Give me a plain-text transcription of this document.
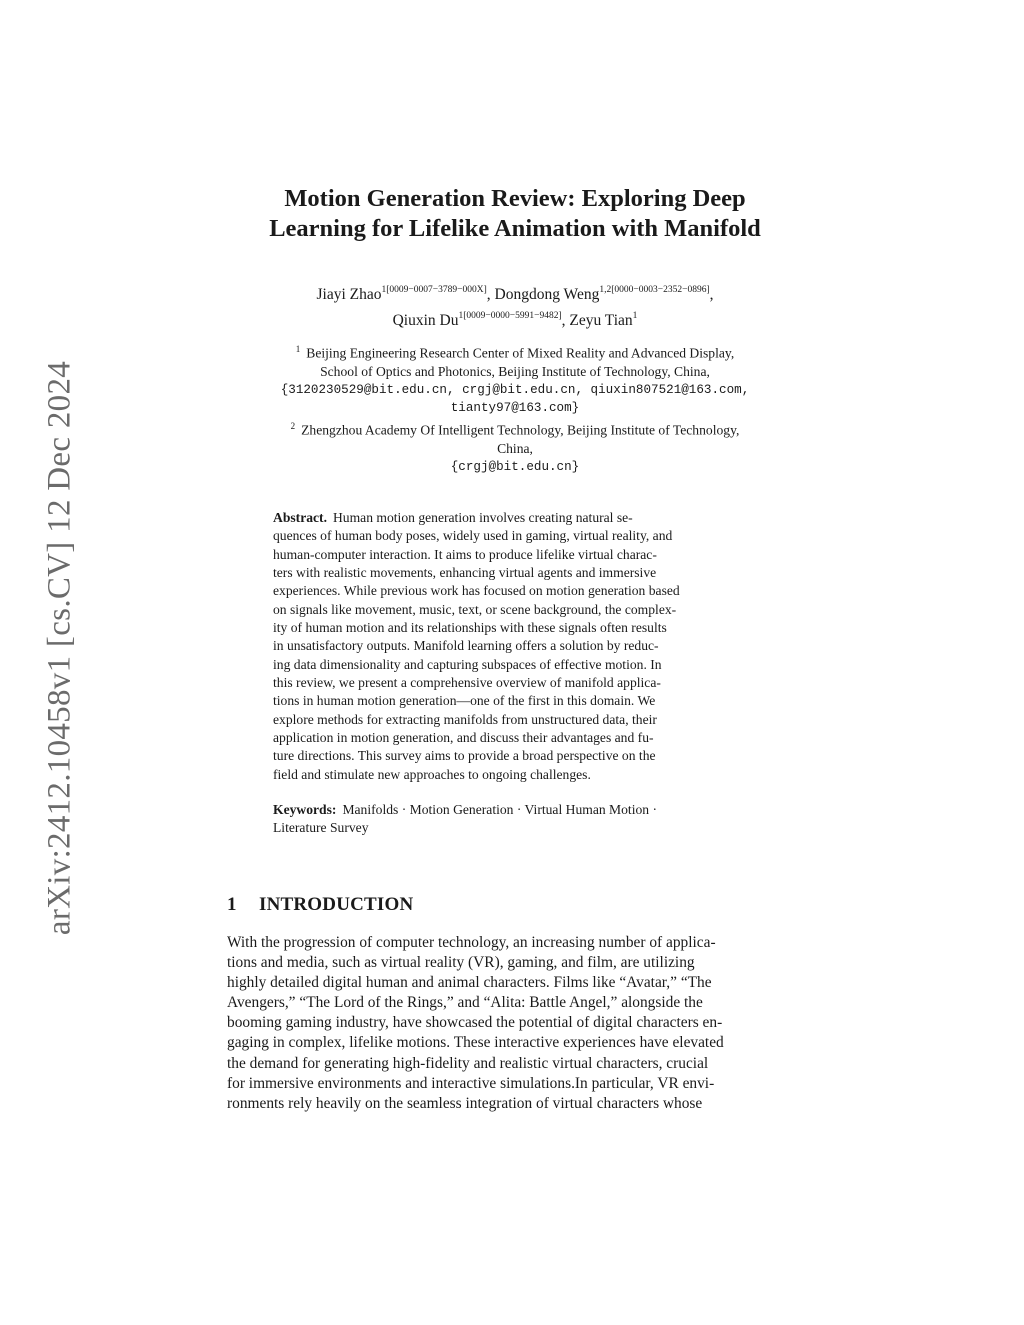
arXiv:2412.10458v1 [cs.CV] 12 Dec 2024
Motion Generation Review: Exploring Deep
Learning for Lifelike Animation with Manifold
Jiayi Zhao$^{1[0009-0007-3789-000X]}$, Dongdong Weng$^{1,2[0000-0003-2352-0896]}$,
Qiuxin $Du^{1[0009-0000-5991-9482]}$, Zeyu Tian$^1$
$^1$ Beijing Engineering Research Center of Mixed Reality and Advanced Display,
School of Optics and Photonics, Beijing Institute of Technology, China,
{3120230529@bit.edu.cn, crgj@bit.edu.cn, qiuxin807521@163.com,
tianty97@163.com}
$^2$ Zhengzhou Academy Of Intelligent Technology, Beijing Institute of Technology,
China,
{crgj@bit.edu.cn}
Abstract. Human motion generation involves creating natural se-
quences of human body poses, widely used in gaming, virtual reality, and
human-computer interaction. It aims to produce lifelike virtual charac-
ters with realistic movements, enhancing virtual agents and immersive
experiences. While previous work has focused on motion generation based
on signals like movement, music, text, or scene background, the complex-
ity of human motion and its relationships with these signals often results
in unsatisfactory outputs. Manifold learning offers a solution by reduc-
ing data dimensionality and capturing subspaces of effective motion. In
this review, we present a comprehensive overview of manifold applica-
tions in human motion generation—one of the first in this domain. We
explore methods for extracting manifolds from unstructured data, their
application in motion generation, and discuss their advantages and fu-
ture directions. This survey aims to provide a broad perspective on the
field and stimulate new approaches to ongoing challenges.
Keywords: Manifolds · Motion Generation · Virtual Human Motion ·
Literature Survey
1 INTRODUCTION
With the progression of computer technology, an increasing number of applica-
tions and media, such as virtual reality (VR), gaming, and film, are utilizing
highly detailed digital human and animal characters. Films like “Avatar,” “The
Avengers,” “The Lord of the Rings,” and “Alita: Battle Angel,” alongside the
booming gaming industry, have showcased the potential of digital characters en-
gaging in complex, lifelike motions. These interactive experiences have elevated
the demand for generating high-fidelity and realistic virtual characters, crucial
for immersive environments and interactive simulations.In particular, VR envi-
ronments rely heavily on the seamless integration of virtual characters whose
